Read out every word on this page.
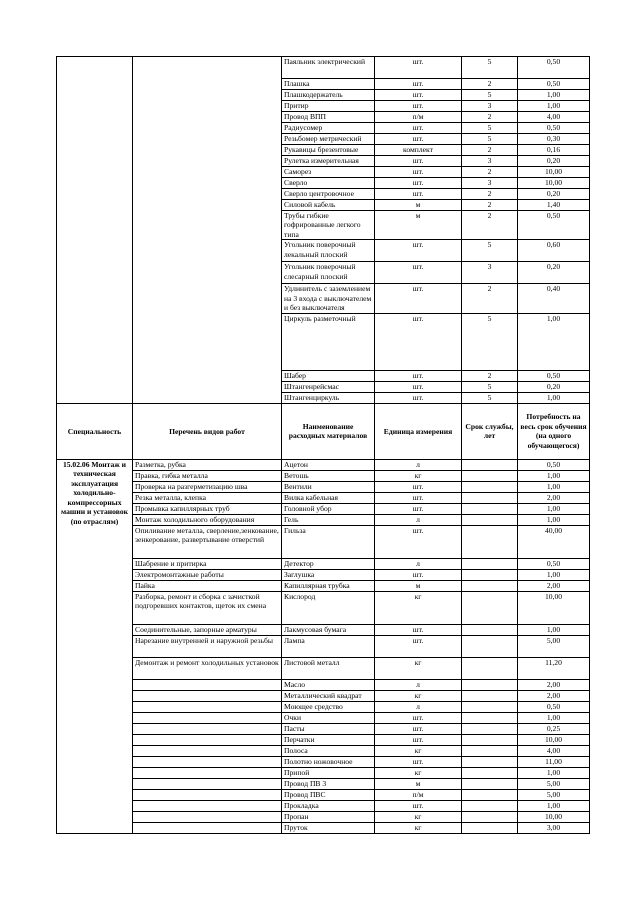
		Паяльник электрический	шт.	5	0,50
		Плашка	шт.	2	0,50
		Плашкодержатель	шт.	5	1,00
		Притир	шт.	3	1,00
		Провод ВПП	п/м	2	4,00
		Радиусомер	шт.	5	0,50
		Резьбомер метрический	шт.	5	0,30
		Рукавицы брезентовые	комплект	2	0,16
		Рулетка измерительная	шт.	3	0,20
		Саморез	шт.	2	10,00
		Сверло	шт.	3	10,00
		Сверло центровочное	шт.	2	0,20
		Силовой кабель	м	2	1,40
		Трубы гибкие гофрированные легкого типа	м	2	0,50
		Угольник поверочный лекальный плоский	шт.	5	0,60
		Угольник поверочный слесарный плоский	шт.	3	0,20
		Удлинитель с заземлением на 3 входа с выключателем и без выключателя	шт.	2	0,40
		Циркуль разметочный	шт.	5	1,00
		Шабер	шт.	2	0,50
		Штангенрейсмас	шт.	5	0,20
		Штангенциркуль	шт.	5	1,00
Специальность	Перечень видов работ	Наименование расходных материалов	Единица измерения	Срок службы, лет	Потребность на весь срок обучения (на одного обучающегося)
15.02.06 Монтаж и техническая эксплуатация холодильно-компрессорных машин и установок (по отраслям)	Разметка, рубка	Ацетон	л		0,50
	Правка, гибка металла	Ветошь	кг		1,00
	Проверка на разгерметизацию шва	Вентили	шт.		1,00
	Резка металла, клепка	Вилка кабельная	шт.		2,00
	Промывка капиллярных труб	Головной убор	шт.		1,00
	Монтаж холодильного оборудования	Гель	л		1,00
	Опиливание металла, сверление,зенкование, зенкерование, развертывание отверстий	Гильза	шт.		40,00
	Шабрение и притирка	Детектор	л		0,50
	Электромонтажные работы	Заглушка	шт.		1,00
	Пайка	Капиллярная трубка	м		2,00
	Разборка, ремонт и сборка с зачисткой подгоревших контактов, щеток их смена	Кислород	кг		10,00
	Соединительные, запорные арматуры	Лакмусовая бумага	шт.		1,00
	Нарезание внутренней и наружной резьбы	Лампа	шт.		5,00
	Демонтаж и ремонт холодильных установок	Листовой металл	кг		11,20
		Масло	л		2,00
		Металлический квадрат	кг		2,00
		Моющее средство	л		0,50
		Очки	шт.		1,00
		Пасты	шт.		0,25
		Перчатки	шт.		10,00
		Полоса	кг		4,00
		Полотно ножовочное	шт.		11,00
		Припой	кг		1,00
		Провод ПВ 3	м		5,00
		Провод ПВС	п/м		5,00
		Прокладка	шт.		1,00
		Пропан	кг		10,00
		Пруток	кг		3,00
